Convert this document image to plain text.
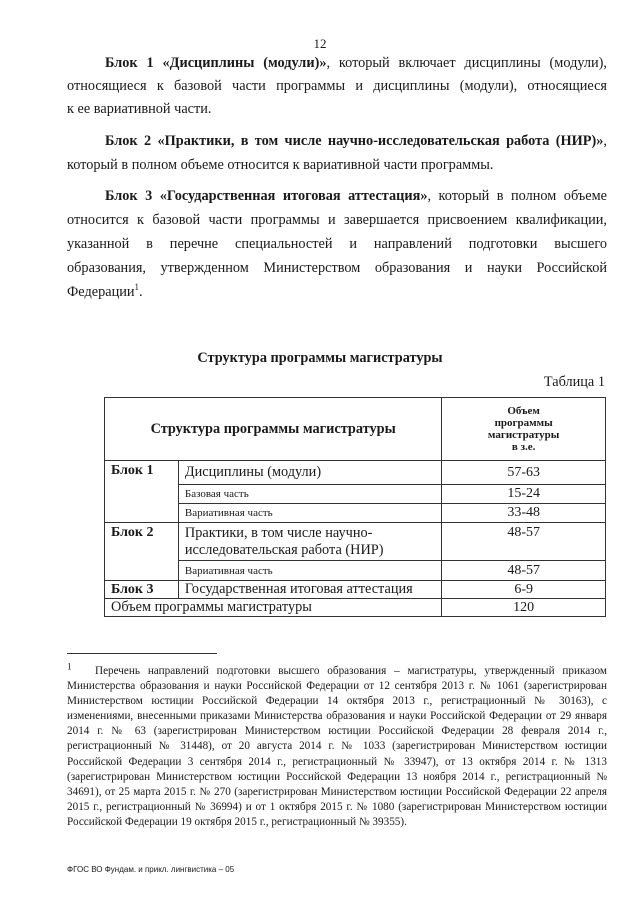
12
Блок 1 «Дисциплины (модули)», который включает дисциплины (модули),
относящиеся к базовой части программы и дисциплины (модули), относящиеся
к ее вариативной части.
Блок 2 «Практики, в том числе научно-исследовательская работа (НИР)»,
который в полном объеме относится к вариативной части программы.
Блок 3 «Государственная итоговая аттестация», который в полном объеме
относится к базовой части программы и завершается присвоением квалификации,
указанной в перечне специальностей и направлений подготовки высшего
образования, утвержденном Министерством образования и науки Российской
Федерации$^1$.
Структура программы магистратуры
Таблица 1
Структура программы магистратуры		Объем
программы
магистратуры
в з.е.

Блок 1	Дисциплины (модули)	57-63
	Базовая часть	15-24
	Вариативная часть	33-48
Блок 2	Практики, в том числе научно-
исследовательская работа (НИР)	48-57
	Вариативная часть	48-57
Блок 3	Государственная итоговая аттестация	6-9
Объем программы магистратуры		120
$^1$ Перечень направлений подготовки высшего образования – магистратуры, утвержденный приказом Министерства образования и науки Российской Федерации от 12 сентября 2013 г. № 1061 (зарегистрирован Министерством юстиции Российской Федерации 14 октября 2013 г., регистрационный № 30163), с изменениями, внесенными приказами Министерства образования и науки Российской Федерации от 29 января 2014 г. № 63 (зарегистрирован Министерством юстиции Российской Федерации 28 февраля 2014 г., регистрационный № 31448), от 20 августа 2014 г. № 1033 (зарегистрирован Министерством юстиции Российской Федерации 3 сентября 2014 г., регистрационный № 33947), от 13 октября 2014 г. № 1313 (зарегистрирован Министерством юстиции Российской Федерации 13 ноября 2014 г., регистрационный № 34691), от 25 марта 2015 г. № 270 (зарегистрирован Министерством юстиции Российской Федерации 22 апреля 2015 г., регистрационный № 36994) и от 1 октября 2015 г. № 1080 (зарегистрирован Министерством юстиции Российской Федерации 19 октября 2015 г., регистрационный № 39355).
ФГОС ВО Фундам. и прикл. лингвистика – 05
